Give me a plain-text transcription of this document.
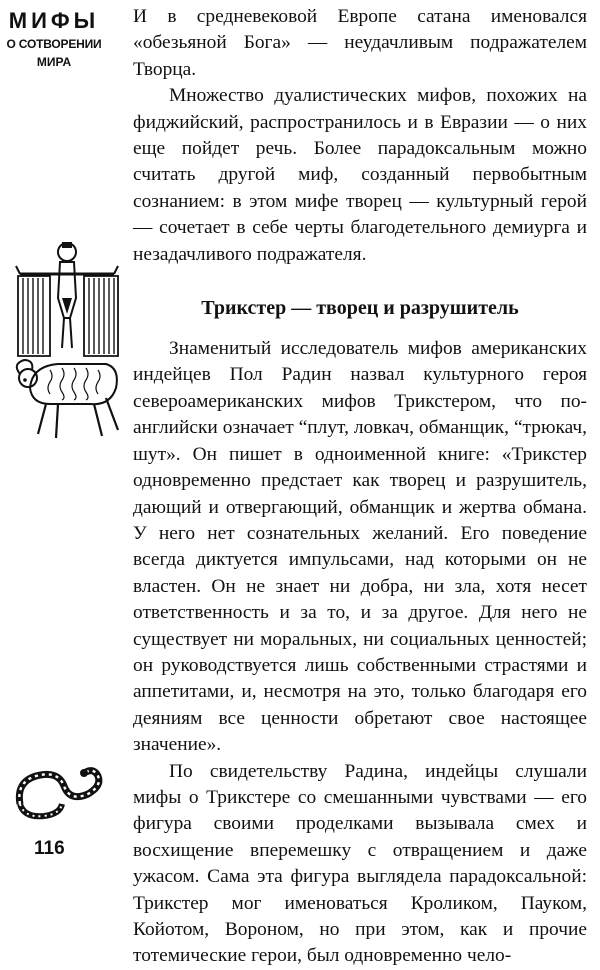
МИФЫ
О СОТВОРЕНИИ
МИРА

И в средневековой Европе сатана именовался «обезьяной Бога» — неудачливым подражателем Творца.

Множество дуалистических мифов, похожих на фиджийский, распространилось и в Евразии — о них еще пойдет речь. Более парадоксальным можно считать другой миф, созданный первобытным сознанием: в этом мифе творец — культурный герой — сочетает в себе черты благодетельного демиурга и незадачливого подражателя.

Трикстер — творец и разрушитель

Знаменитый исследователь мифов американских индейцев Пол Радин назвал культурного героя североамериканских мифов Трикстером, что по-английски означает “плут, ловкач, обманщик, “трюкач, шут». Он пишет в одноименной книге: «Трикстер одновременно предстает как творец и разрушитель, дающий и отвергающий, обманщик и жертва обмана. У него нет сознательных желаний. Его поведение всегда диктуется импульсами, над которыми он не властен. Он не знает ни добра, ни зла, хотя несет ответственность и за то, и за другое. Для него не существует ни моральных, ни социальных ценностей; он руководствуется лишь собственными страстями и аппетитами, и, несмотря на это, только благодаря его деяниям все ценности обретают свое настоящее значение».

По свидетельству Радина, индейцы слушали мифы о Трикстере со смешанными чувствами — его фигура своими проделками вызывала смех и восхищение вперемешку с отвращением и даже ужасом. Сама эта фигура выглядела парадоксальной: Трикстер мог именоваться Кроликом, Пауком, Койотом, Вороном, но при этом, как и прочие тотемические герои, был одновременно чело-

116
